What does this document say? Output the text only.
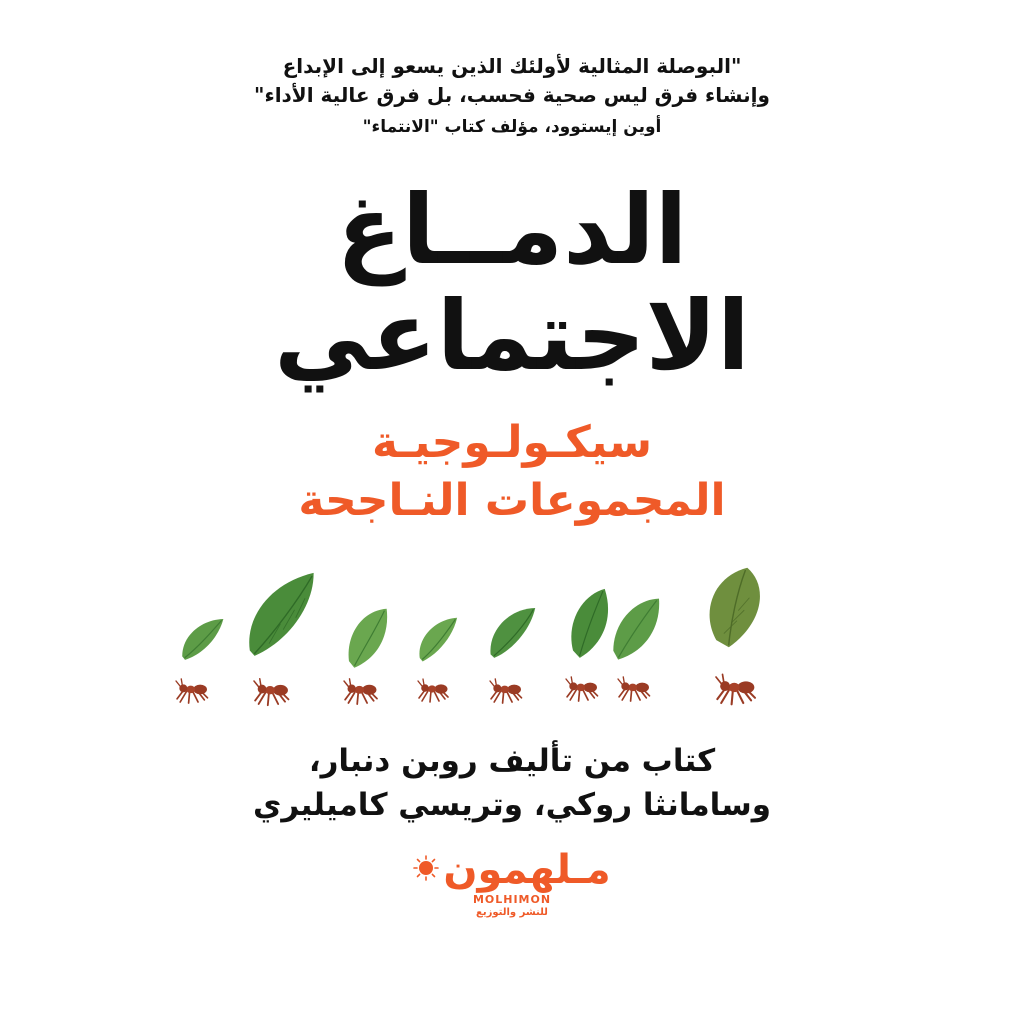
"البوصلة المثالية لأولئك الذين يسعو إلى الإبداع
وإنشاء فرق ليس صحية فحسب، بل فرق عالية الأداء"
أوين إيستوود، مؤلف كتاب "الانتماء"
الدمــاغ
الاجتماعي
سيكـولـوجيـة
المجموعات النـاجحة
كتاب من تأليف روبن دنبار،
وسامانثا روكي، وتريسي كاميليري
مـلهمون
MOLHIMON
للنشر والتوزيع
